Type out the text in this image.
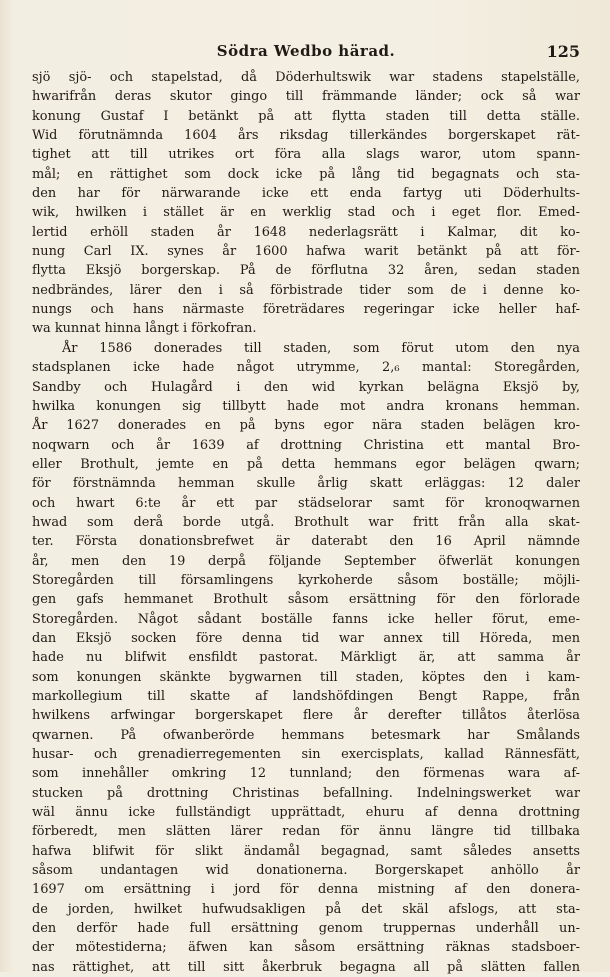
Södra Wedbo härad.	125
sjö sjö- och stapelstad, då Döderhultswik war stadens stapelställe,
hwarifrån deras skutor gingo till främmande länder; ock så war
konung Gustaf I betänkt på att flytta staden till detta ställe.
Wid förutnämnda 1604 års riksdag tillerkändes borgerskapet rät-
tighet att till utrikes ort föra alla slags waror, utom spann-
mål; en rättighet som dock icke på lång tid begagnats och sta-
den har för närwarande icke ett enda fartyg uti Döderhults-
wik, hwilken i stället är en werklig stad och i eget flor. Emed-
lertid erhöll staden år 1648 nederlagsrätt i Kalmar, dit ko-
nung Carl IX. synes år 1600 hafwa warit betänkt på att för-
flytta Eksjö borgerskap. På de förflutna 32 åren, sedan staden
nedbrändes, lärer den i så förbistrade tider som de i denne ko-
nungs och hans närmaste företrädares regeringar icke heller haf-
wa kunnat hinna långt i förkofran.
År 1586 donerades till staden, som förut utom den nya
stadsplanen icke hade något utrymme, 2,₆ mantal: Storegården,
Sandby och Hulagård i den wid kyrkan belägna Eksjö by,
hwilka konungen sig tillbytt hade mot andra kronans hemman.
År 1627 donerades en på byns egor nära staden belägen kro-
noqwarn och år 1639 af drottning Christina ett mantal Bro-
eller Brothult, jemte en på detta hemmans egor belägen qwarn;
för förstnämnda hemman skulle årlig skatt erläggas: 12 daler
och hwart 6:te år ett par städselorar samt för kronoqwarnen
hwad som derå borde utgå. Brothult war fritt från alla skat-
ter. Första donationsbrefwet är daterabt den 16 April nämnde
år, men den 19 derpå följande September öfwerlät konungen
Storegården till församlingens kyrkoherde såsom boställe; möjli-
gen gafs hemmanet Brothult såsom ersättning för den förlorade
Storegården. Något sådant boställe fanns icke heller förut, eme-
dan Eksjö socken före denna tid war annex till Höreda, men
hade nu blifwit ensfildt pastorat. Märkligt är, att samma år
som konungen skänkte bygwarnen till staden, köptes den i kam-
markollegium till skatte af landshöfdingen Bengt Rappe, från
hwilkens arfwingar borgerskapet flere år derefter tillåtos återlösa
qwarnen. På ofwanberörde hemmans betesmark har Smålands
husar- och grenadierregementen sin exercisplats, kallad Rännesfätt,
som innehåller omkring 12 tunnland; den förmenas wara af-
stucken på drottning Christinas befallning. Indelningswerket war
wäl ännu icke fullständigt upprättadt, ehuru af denna drottning
förberedt, men slätten lärer redan för ännu längre tid tillbaka
hafwa blifwit för slikt ändamål begagnad, samt således ansetts
såsom undantagen wid donationerna. Borgerskapet anhöllo år
1697 om ersättning i jord för denna mistning af den donera-
de jorden, hwilket hufwudsakligen på det skäl afslogs, att sta-
den derför hade full ersättning genom truppernas underhåll un-
der mötestiderna; äfwen kan såsom ersättning räknas stadsboer-
nas rättighet, att till sitt åkerbruk begagna all på slätten fallen
